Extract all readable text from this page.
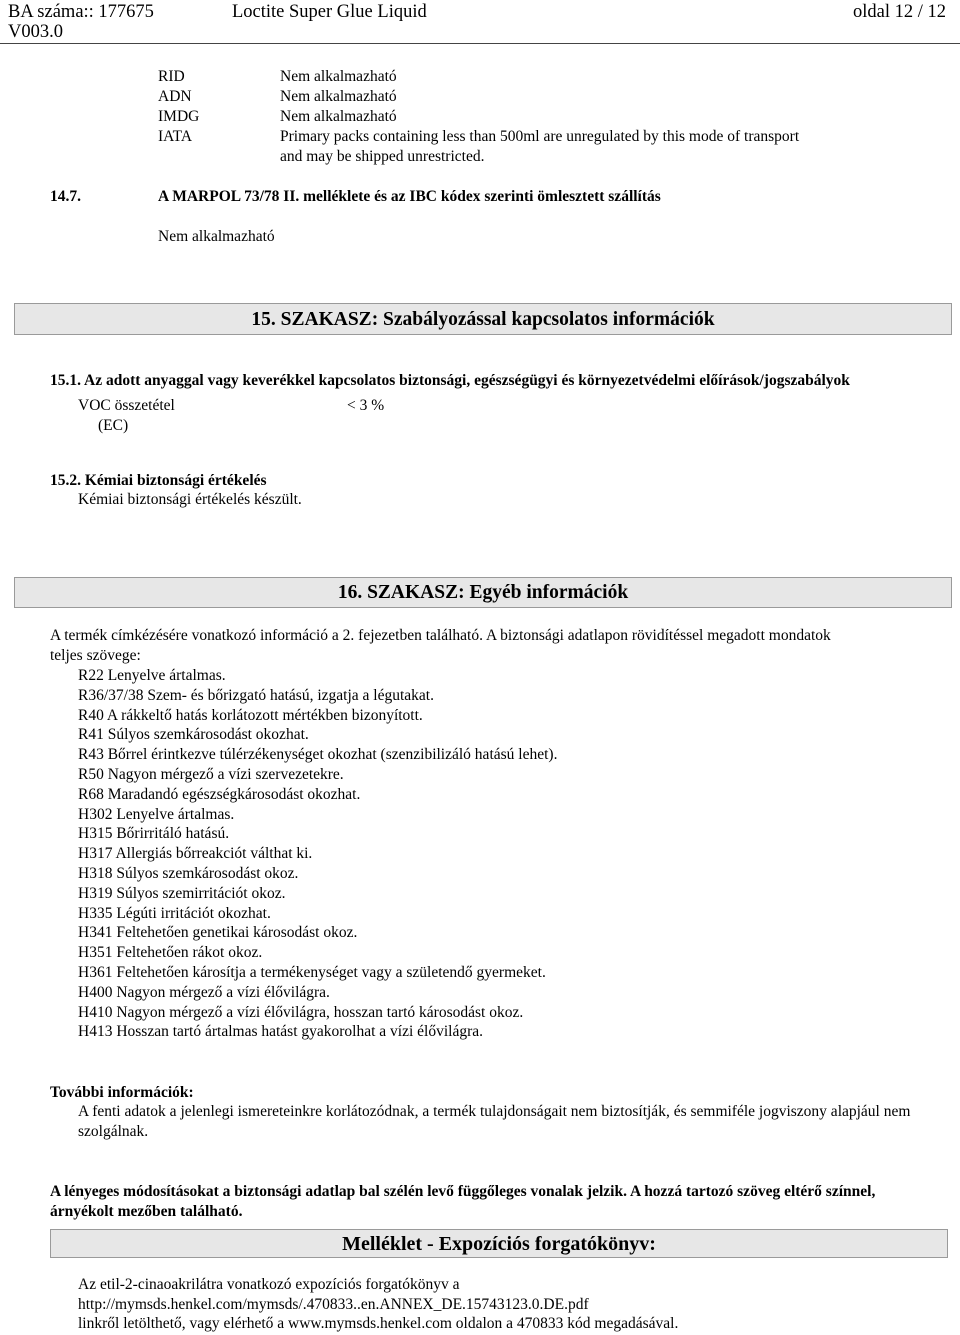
BA száma:: 177675	Loctite Super Glue Liquid	oldal 12 / 12
V003.0
RID	Nem alkalmazható
ADN	Nem alkalmazható
IMDG	Nem alkalmazható
IATA	Primary packs containing less than 500ml are unregulated by this mode of transport
and may be shipped unrestricted.
14.7.	A MARPOL 73/78 II. melléklete és az IBC kódex szerinti ömlesztett szállítás
Nem alkalmazható
15. SZAKASZ: Szabályozással kapcsolatos információk
15.1. Az adott anyaggal vagy keverékkel kapcsolatos biztonsági, egészségügyi és környezetvédelmi előírások/jogszabályok
VOC összetétel	< 3 %
(EC)
15.2. Kémiai biztonsági értékelés
Kémiai biztonsági értékelés készült.
16. SZAKASZ: Egyéb információk
A termék címkézésére vonatkozó információ a 2. fejezetben található. A biztonsági adatlapon rövidítéssel megadott mondatok
teljes szövege:
R22 Lenyelve ártalmas.
R36/37/38 Szem- és bőrizgató hatású, izgatja a légutakat.
R40 A rákkeltő hatás korlátozott mértékben bizonyított.
R41 Súlyos szemkárosodást okozhat.
R43 Bőrrel érintkezve túlérzékenységet okozhat (szenzibilizáló hatású lehet).
R50 Nagyon mérgező a vízi szervezetekre.
R68 Maradandó egészségkárosodást okozhat.
H302 Lenyelve ártalmas.
H315 Bőrirritáló hatású.
H317 Allergiás bőrreakciót válthat ki.
H318 Súlyos szemkárosodást okoz.
H319 Súlyos szemirritációt okoz.
H335 Légúti irritációt okozhat.
H341 Feltehetően genetikai károsodást okoz.
H351 Feltehetően rákot okoz.
H361 Feltehetően károsítja a termékenységet vagy a születendő gyermeket.
H400 Nagyon mérgező a vízi élővilágra.
H410 Nagyon mérgező a vízi élővilágra, hosszan tartó károsodást okoz.
H413 Hosszan tartó ártalmas hatást gyakorolhat a vízi élővilágra.
További információk:
A fenti adatok a jelenlegi ismereteinkre korlátozódnak, a termék tulajdonságait nem biztosítják, és semmiféle jogviszony alapjául nem szolgálnak.
A lényeges módosításokat a biztonsági adatlap bal szélén levő függőleges vonalak jelzik. A hozzá tartozó szöveg eltérő színnel, árnyékolt mezőben található.
Melléklet - Expozíciós forgatókönyv:
Az etil-2-cinaoakrilátra vonatkozó expozíciós forgatókönyv a
http://mymsds.henkel.com/mymsds/.470833..en.ANNEX_DE.15743123.0.DE.pdf
linkről letölthető, vagy elérhető a www.mymsds.henkel.com oldalon a 470833 kód megadásával.
